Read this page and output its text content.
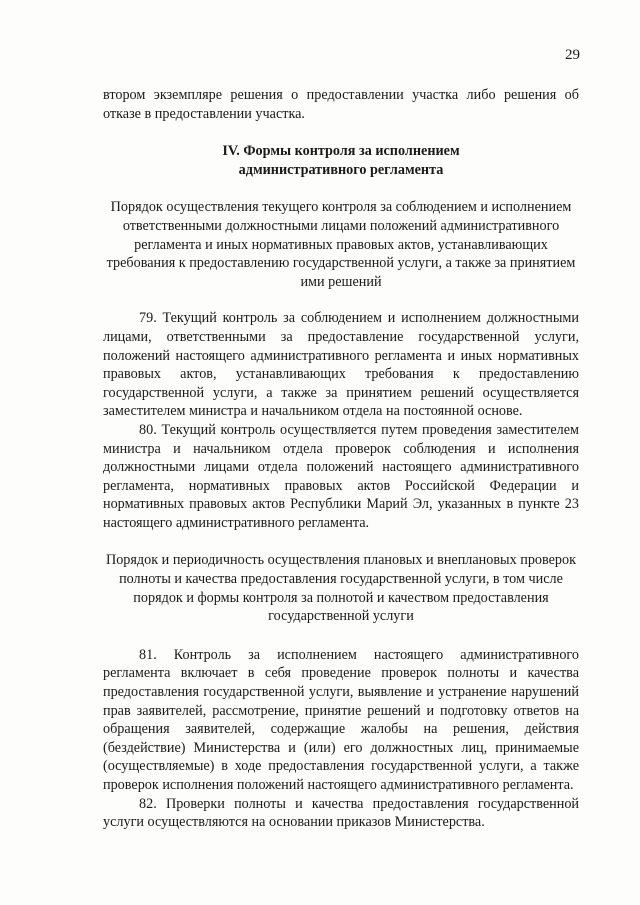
29

втором экземпляре решения о предоставлении участка либо решения об отказе в предоставлении участка.

IV. Формы контроля за исполнением
административного регламента

Порядок осуществления текущего контроля за соблюдением и исполнением ответственными должностными лицами положений административного регламента и иных нормативных правовых актов, устанавливающих требования к предоставлению государственной услуги, а также за принятием ими решений

79. Текущий контроль за соблюдением и исполнением должностными лицами, ответственными за предоставление государственной услуги, положений настоящего административного регламента и иных нормативных правовых актов, устанавливающих требования к предоставлению государственной услуги, а также за принятием решений осуществляется заместителем министра и начальником отдела на постоянной основе.

80. Текущий контроль осуществляется путем проведения заместителем министра и начальником отдела проверок соблюдения и исполнения должностными лицами отдела положений настоящего административного регламента, нормативных правовых актов Российской Федерации и нормативных правовых актов Республики Марий Эл, указанных в пункте 23 настоящего административного регламента.

Порядок и периодичность осуществления плановых и внеплановых проверок полноты и качества предоставления государственной услуги, в том числе порядок и формы контроля за полнотой и качеством предоставления государственной услуги

81. Контроль за исполнением настоящего административного регламента включает в себя проведение проверок полноты и качества предоставления государственной услуги, выявление и устранение нарушений прав заявителей, рассмотрение, принятие решений и подготовку ответов на обращения заявителей, содержащие жалобы на решения, действия (бездействие) Министерства и (или) его должностных лиц, принимаемые (осуществляемые) в ходе предоставления государственной услуги, а также проверок исполнения положений настоящего административного регламента.

82. Проверки полноты и качества предоставления государственной услуги осуществляются на основании приказов Министерства.
